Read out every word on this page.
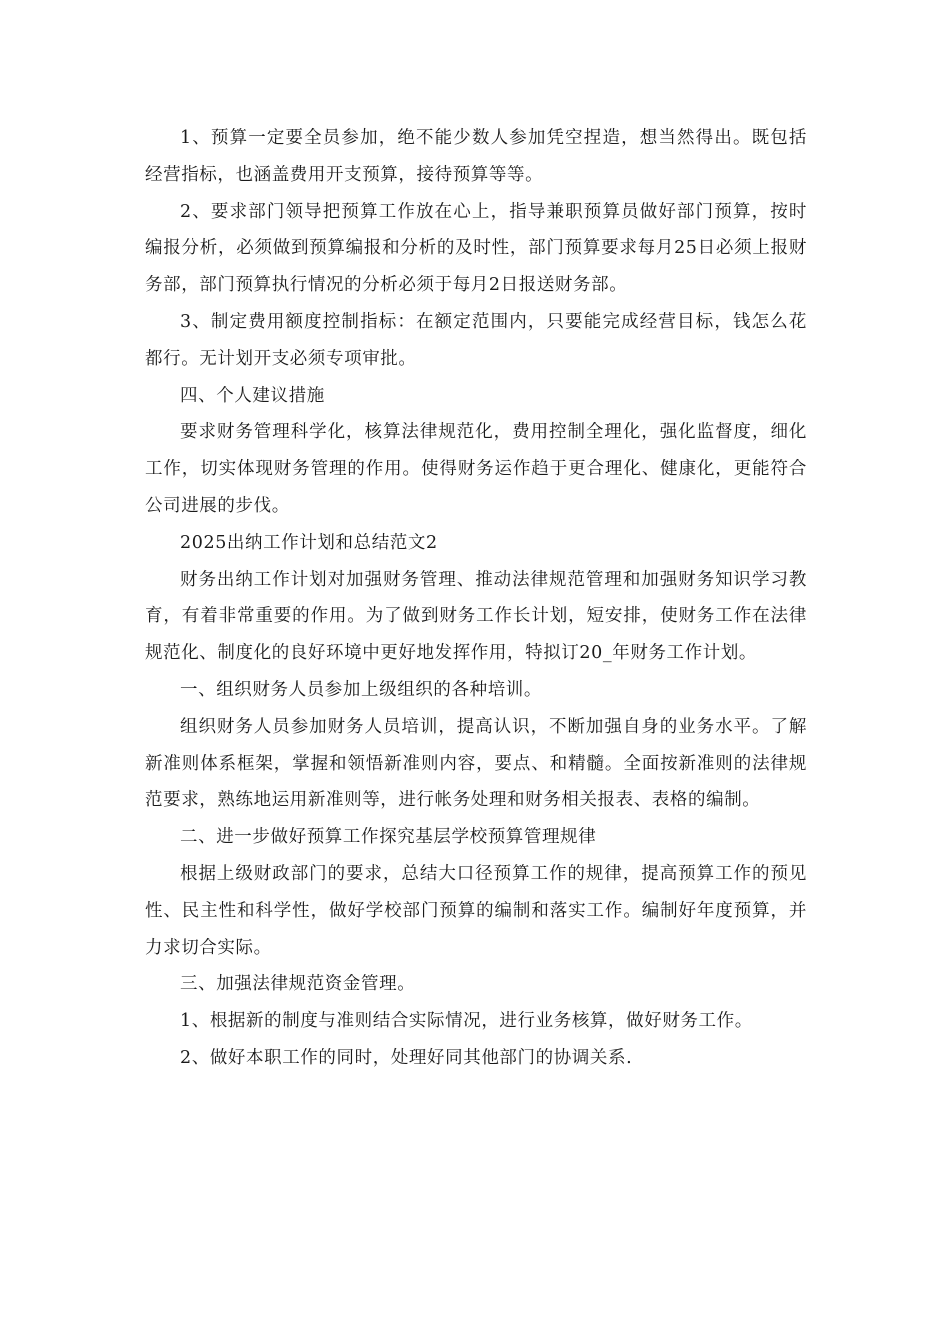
1、预算一定要全员参加，绝不能少数人参加凭空捏造，想当然得出。既包括经营指标，也涵盖费用开支预算，接待预算等等。

2、要求部门领导把预算工作放在心上，指导兼职预算员做好部门预算，按时编报分析，必须做到预算编报和分析的及时性，部门预算要求每月25日必须上报财务部，部门预算执行情况的分析必须于每月2日报送财务部。

3、制定费用额度控制指标：在额定范围内，只要能完成经营目标，钱怎么花都行。无计划开支必须专项审批。

四、个人建议措施

要求财务管理科学化，核算法律规范化，费用控制全理化，强化监督度，细化工作，切实体现财务管理的作用。使得财务运作趋于更合理化、健康化，更能符合公司进展的步伐。

2025出纳工作计划和总结范文2

财务出纳工作计划对加强财务管理、推动法律规范管理和加强财务知识学习教育，有着非常重要的作用。为了做到财务工作长计划，短安排，使财务工作在法律规范化、制度化的良好环境中更好地发挥作用，特拟订20_年财务工作计划。

一、组织财务人员参加上级组织的各种培训。

组织财务人员参加财务人员培训，提高认识，不断加强自身的业务水平。了解新准则体系框架，掌握和领悟新准则内容，要点、和精髓。全面按新准则的法律规范要求，熟练地运用新准则等，进行帐务处理和财务相关报表、表格的编制。

二、进一步做好预算工作探究基层学校预算管理规律

根据上级财政部门的要求，总结大口径预算工作的规律，提高预算工作的预见性、民主性和科学性，做好学校部门预算的编制和落实工作。编制好年度预算，并力求切合实际。

三、加强法律规范资金管理。

1、根据新的制度与准则结合实际情况，进行业务核算，做好财务工作。

2、做好本职工作的同时，处理好同其他部门的协调关系.
